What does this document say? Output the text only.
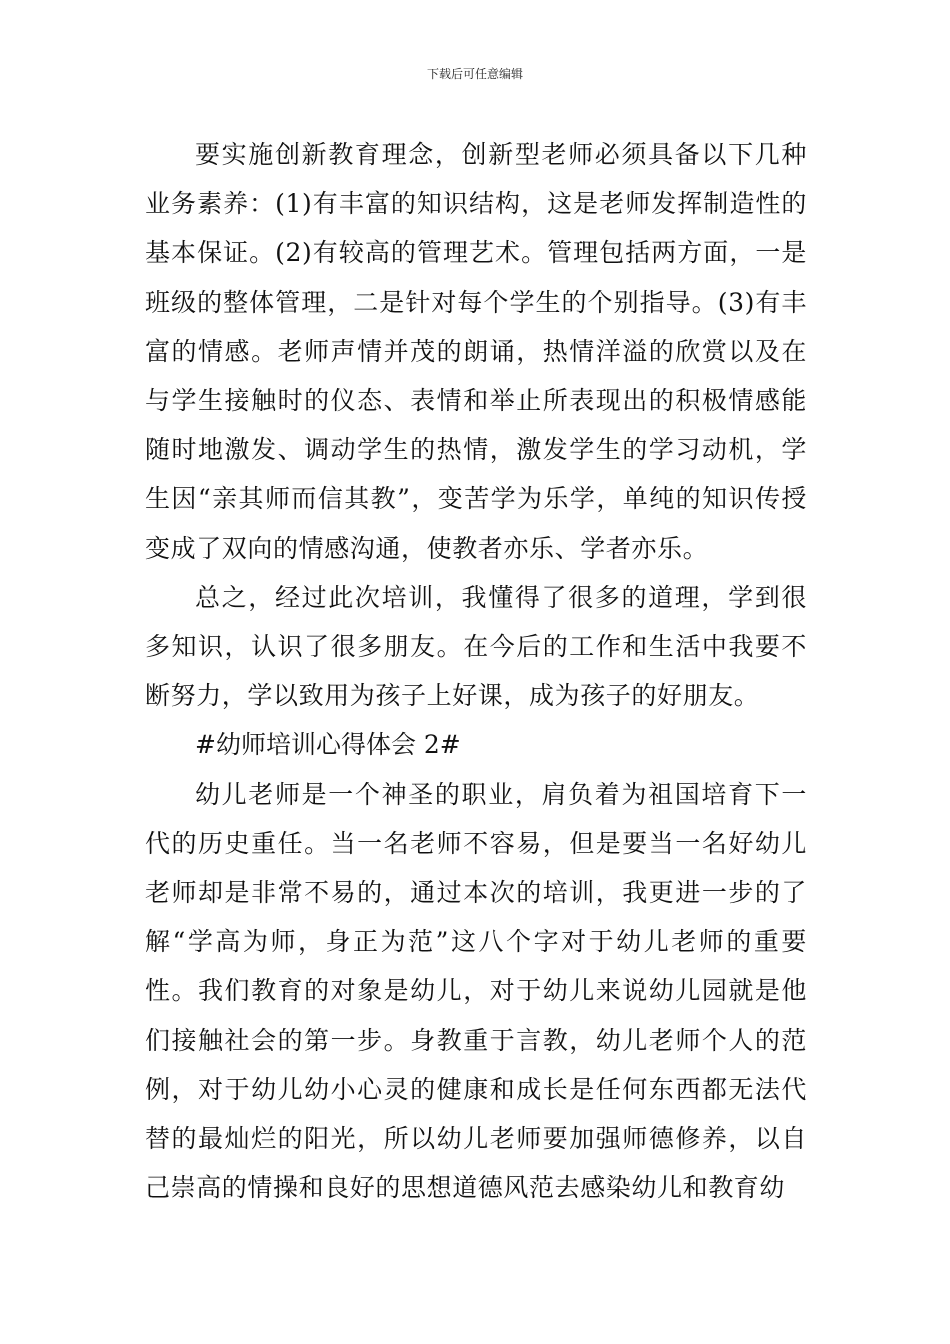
下载后可任意编辑

要实施创新教育理念，创新型老师必须具备以下几种业务素养：(1)有丰富的知识结构，这是老师发挥制造性的基本保证。(2)有较高的管理艺术。管理包括两方面，一是班级的整体管理，二是针对每个学生的个别指导。(3)有丰富的情感。老师声情并茂的朗诵，热情洋溢的欣赏以及在与学生接触时的仪态、表情和举止所表现出的积极情感能随时地激发、调动学生的热情，激发学生的学习动机，学生因“亲其师而信其教”，变苦学为乐学，单纯的知识传授变成了双向的情感沟通，使教者亦乐、学者亦乐。

总之，经过此次培训，我懂得了很多的道理，学到很多知识，认识了很多朋友。在今后的工作和生活中我要不断努力，学以致用为孩子上好课，成为孩子的好朋友。

#幼师培训心得体会 2#

幼儿老师是一个神圣的职业，肩负着为祖国培育下一代的历史重任。当一名老师不容易，但是要当一名好幼儿老师却是非常不易的，通过本次的培训，我更进一步的了解“学高为师，身正为范”这八个字对于幼儿老师的重要性。我们教育的对象是幼儿，对于幼儿来说幼儿园就是他们接触社会的第一步。身教重于言教，幼儿老师个人的范例，对于幼儿幼小心灵的健康和成长是任何东西都无法代替的最灿烂的阳光，所以幼儿老师要加强师德修养，以自己崇高的情操和良好的思想道德风范去感染幼儿和教育幼
